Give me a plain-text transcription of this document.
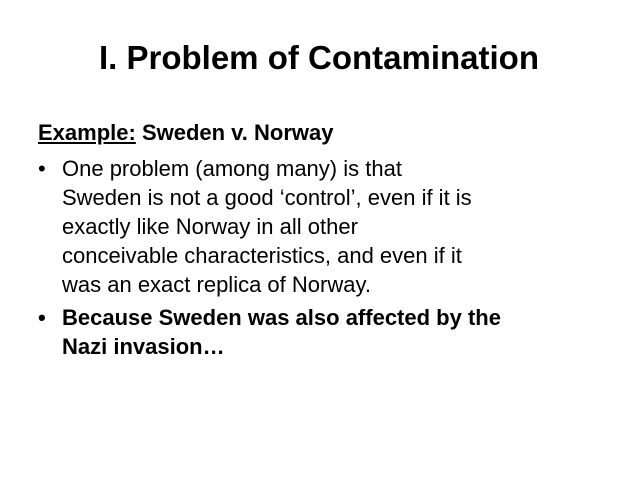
I. Problem of Contamination
Example: Sweden v. Norway
• One problem (among many) is that
Sweden is not a good ‘control’, even if it is
exactly like Norway in all other
conceivable characteristics, and even if it
was an exact replica of Norway.
• Because Sweden was also affected by the
Nazi invasion…
